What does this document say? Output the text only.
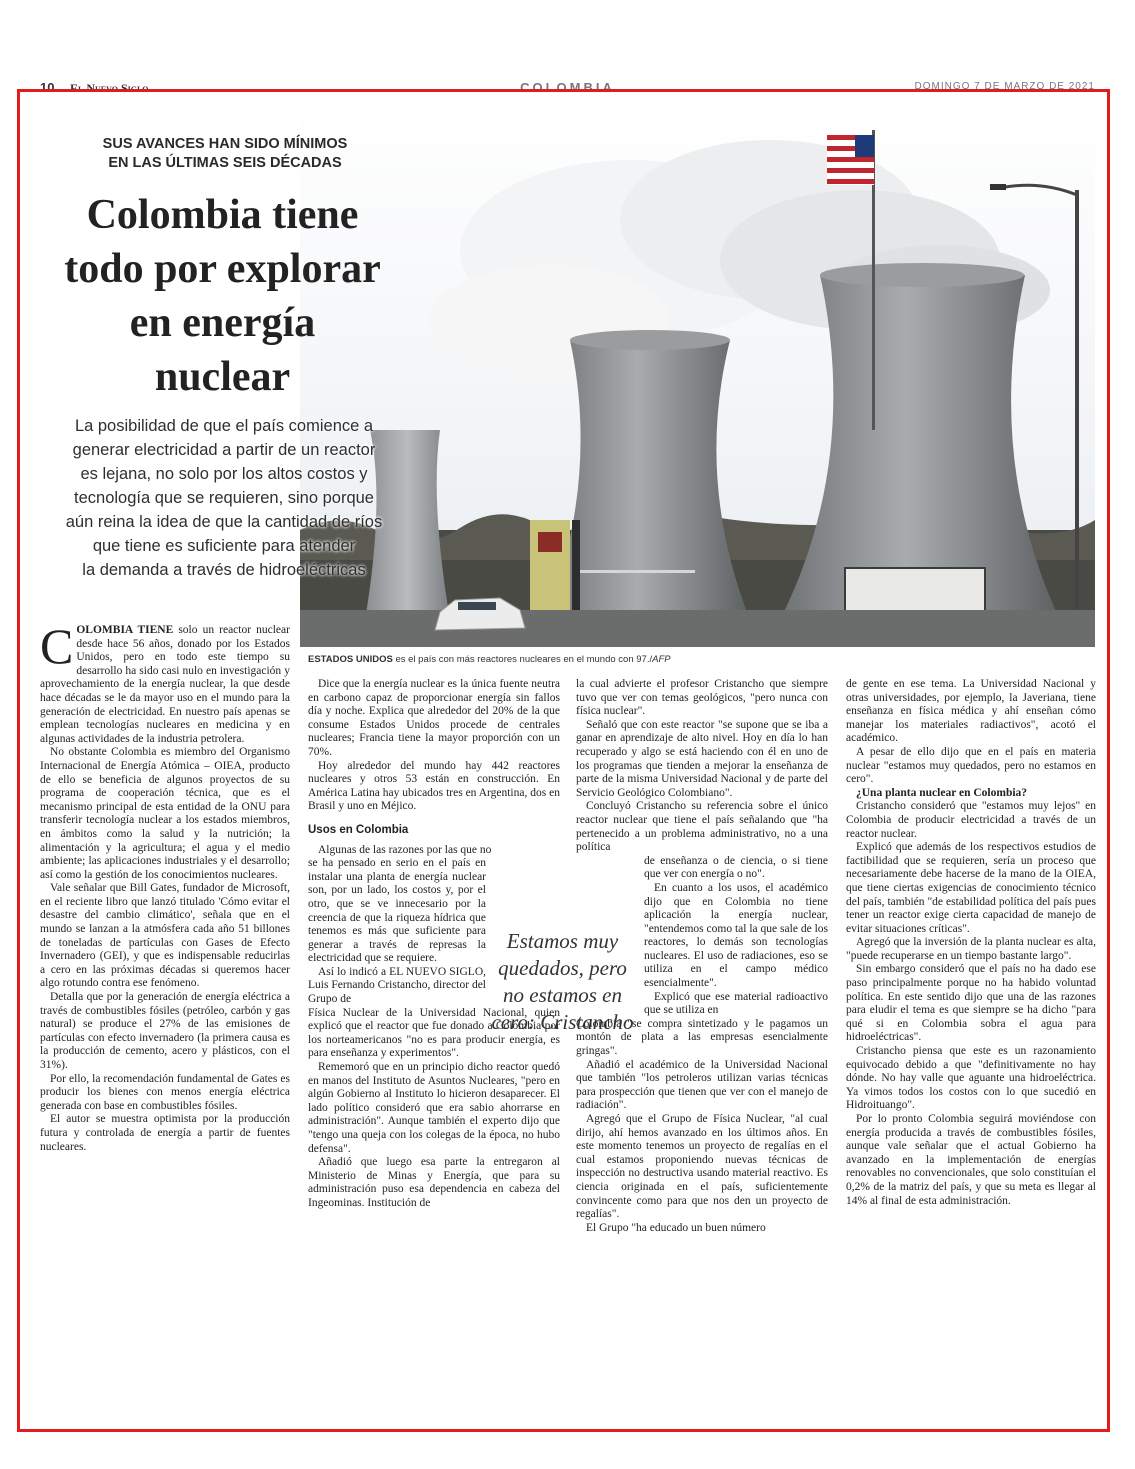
10 El Nuevo Siglo	COLOMBIA	DOMINGO 7 DE MARZO DE 2021
SUS AVANCES HAN SIDO MÍNIMOS
EN LAS ÚLTIMAS SEIS DÉCADAS
Colombia tiene
todo por explorar
en energía
nuclear
La posibilidad de que el país comience a
generar electricidad a partir de un reactor
es lejana, no solo por los altos costos y
tecnología que se requieren, sino porque
aún reina la idea de que la cantidad de ríos
que tiene es suficiente para atender
la demanda a través de hidroeléctricas
ESTADOS UNIDOS es el país con más reactores nucleares en el mundo con 97./AFP

COLOMBIA TIENE solo un reactor nuclear desde hace 56 años, donado por los Estados Unidos, pero en todo este tiempo su desarrollo ha sido casi nulo en investigación y aprovechamiento de la energía nuclear, la que desde hace décadas se le da mayor uso en el mundo para la generación de electricidad. En nuestro país apenas se emplean tecnologías nucleares en medicina y en algunas actividades de la industria petrolera.

No obstante Colombia es miembro del Organismo Internacional de Energía Atómica – OIEA, producto de ello se beneficia de algunos proyectos de su programa de cooperación técnica, que es el mecanismo principal de esta entidad de la ONU para transferir tecnología nuclear a los estados miembros, en ámbitos como la salud y la nutrición; la alimentación y la agricultura; el agua y el medio ambiente; las aplicaciones industriales y el desarrollo; así como la gestión de los conocimientos nucleares.

Vale señalar que Bill Gates, fundador de Microsoft, en el reciente libro que lanzó titulado 'Cómo evitar el desastre del cambio climático', señala que en el mundo se lanzan a la atmósfera cada año 51 billones de toneladas de partículas con Gases de Efecto Invernadero (GEI), y que es indispensable reducirlas a cero en las próximas décadas si queremos hacer algo rotundo contra ese fenómeno.

Detalla que por la generación de energía eléctrica a través de combustibles fósiles (petróleo, carbón y gas natural) se produce el 27% de las emisiones de partículas con efecto invernadero (la primera causa es la producción de cemento, acero y plásticos, con el 31%).

Por ello, la recomendación fundamental de Gates es producir los bienes con menos energía eléctrica generada con base en combustibles fósiles.

El autor se muestra optimista por la producción futura y controlada de energía a partir de fuentes nucleares.

Dice que la energía nuclear es la única fuente neutra en carbono capaz de proporcionar energía sin fallos día y noche. Explica que alrededor del 20% de la que consume Estados Unidos procede de centrales nucleares; Francia tiene la mayor proporción con un 70%.

Hoy alrededor del mundo hay 442 reactores nucleares y otros 53 están en construcción. En América Latina hay ubicados tres en Argentina, dos en Brasil y uno en Méjico.

Usos en Colombia

Algunas de las razones por las que no

se ha pensado en serio en el país en instalar una planta de energía nuclear son, por un lado, los costos y, por el otro, que se ve innecesario por la creencia de que la riqueza hídrica que tenemos es más que suficiente para generar a través de represas la electricidad que se requiere.

Así lo indicó a EL NUEVO SIGLO, Luis Fernando Cristancho, director del Grupo de

Física Nuclear de la Universidad Nacional, quien explicó que el reactor que fue donado a Colombia por los norteamericanos "no es para producir energía, es para enseñanza y experimentos".

Rememoró que en un principio dicho reactor quedó en manos del Instituto de Asuntos Nucleares, "pero en algún Gobierno al Instituto lo hicieron desaparecer. El lado político consideró que era sabio ahorrarse en administración". Aunque también el experto dijo que "tengo una queja con los colegas de la época, no hubo defensa".

Añadió que luego esa parte la entregaron al Ministerio de Minas y Energía, que para su administración puso esa dependencia en cabeza del Ingeominas. Institución de

Estamos muy quedados, pero no estamos en cero: Cristancho

la cual advierte el profesor Cristancho que siempre tuvo que ver con temas geológicos, "pero nunca con física nuclear".

Señaló que con este reactor "se supone que se iba a ganar en aprendizaje de alto nivel. Hoy en día lo han recuperado y algo se está haciendo con él en uno de los programas que tienden a mejorar la enseñanza de parte de la misma Universidad Nacional y de parte del Servicio Geológico Colombiano".

Concluyó Cristancho su referencia sobre el único reactor nuclear que tiene el país señalando que "ha pertenecido a un problema administrativo, no a una política

de enseñanza o de ciencia, o si tiene que ver con energía o no".

En cuanto a los usos, el académico dijo que en Colombia no tiene aplicación la energía nuclear, "entendemos como tal la que sale de los reactores, lo demás son tecnologías nucleares. El uso de radiaciones, eso se utiliza en el campo médico esencialmente".

Explicó que ese material radioactivo que se utiliza en

Colombia "se compra sintetizado y le pagamos un montón de plata a las empresas esencialmente gringas".

Añadió el académico de la Universidad Nacional que también "los petroleros utilizan varias técnicas para prospección que tienen que ver con el manejo de radiación".

Agregó que el Grupo de Física Nuclear, "al cual dirijo, ahí hemos avanzado en los últimos años. En este momento tenemos un proyecto de regalías en el cual estamos proponiendo nuevas técnicas de inspección no destructiva usando material reactivo. Es ciencia originada en el país, suficientemente convincente como para que nos den un proyecto de regalías".

El Grupo "ha educado un buen número

de gente en ese tema. La Universidad Nacional y otras universidades, por ejemplo, la Javeriana, tiene enseñanza en física médica y ahí enseñan cómo manejar los materiales radiactivos", acotó el académico.

A pesar de ello dijo que en el país en materia nuclear "estamos muy quedados, pero no estamos en cero".

¿Una planta nuclear en Colombia?

Cristancho consideró que "estamos muy lejos" en Colombia de producir electricidad a través de un reactor nuclear.

Explicó que además de los respectivos estudios de factibilidad que se requieren, sería un proceso que necesariamente debe hacerse de la mano de la OIEA, que tiene ciertas exigencias de conocimiento técnico del país, también "de estabilidad política del país pues tener un reactor exige cierta capacidad de manejo de evitar situaciones críticas".

Agregó que la inversión de la planta nuclear es alta, "puede recuperarse en un tiempo bastante largo".

Sin embargo consideró que el país no ha dado ese paso principalmente porque no ha habido voluntad política. En este sentido dijo que una de las razones para eludir el tema es que siempre se ha dicho "para qué si en Colombia sobra el agua para hidroeléctricas".

Cristancho piensa que este es un razonamiento equivocado debido a que "definitivamente no hay dónde. No hay valle que aguante una hidroeléctrica. Ya vimos todos los costos con lo que sucedió en Hidroituango".

Por lo pronto Colombia seguirá moviéndose con energía producida a través de combustibles fósiles, aunque vale señalar que el actual Gobierno ha avanzado en la implementación de energías renovables no convencionales, que solo constituían el 0,2% de la matriz del país, y que su meta es llegar al 14% al final de esta administración.
